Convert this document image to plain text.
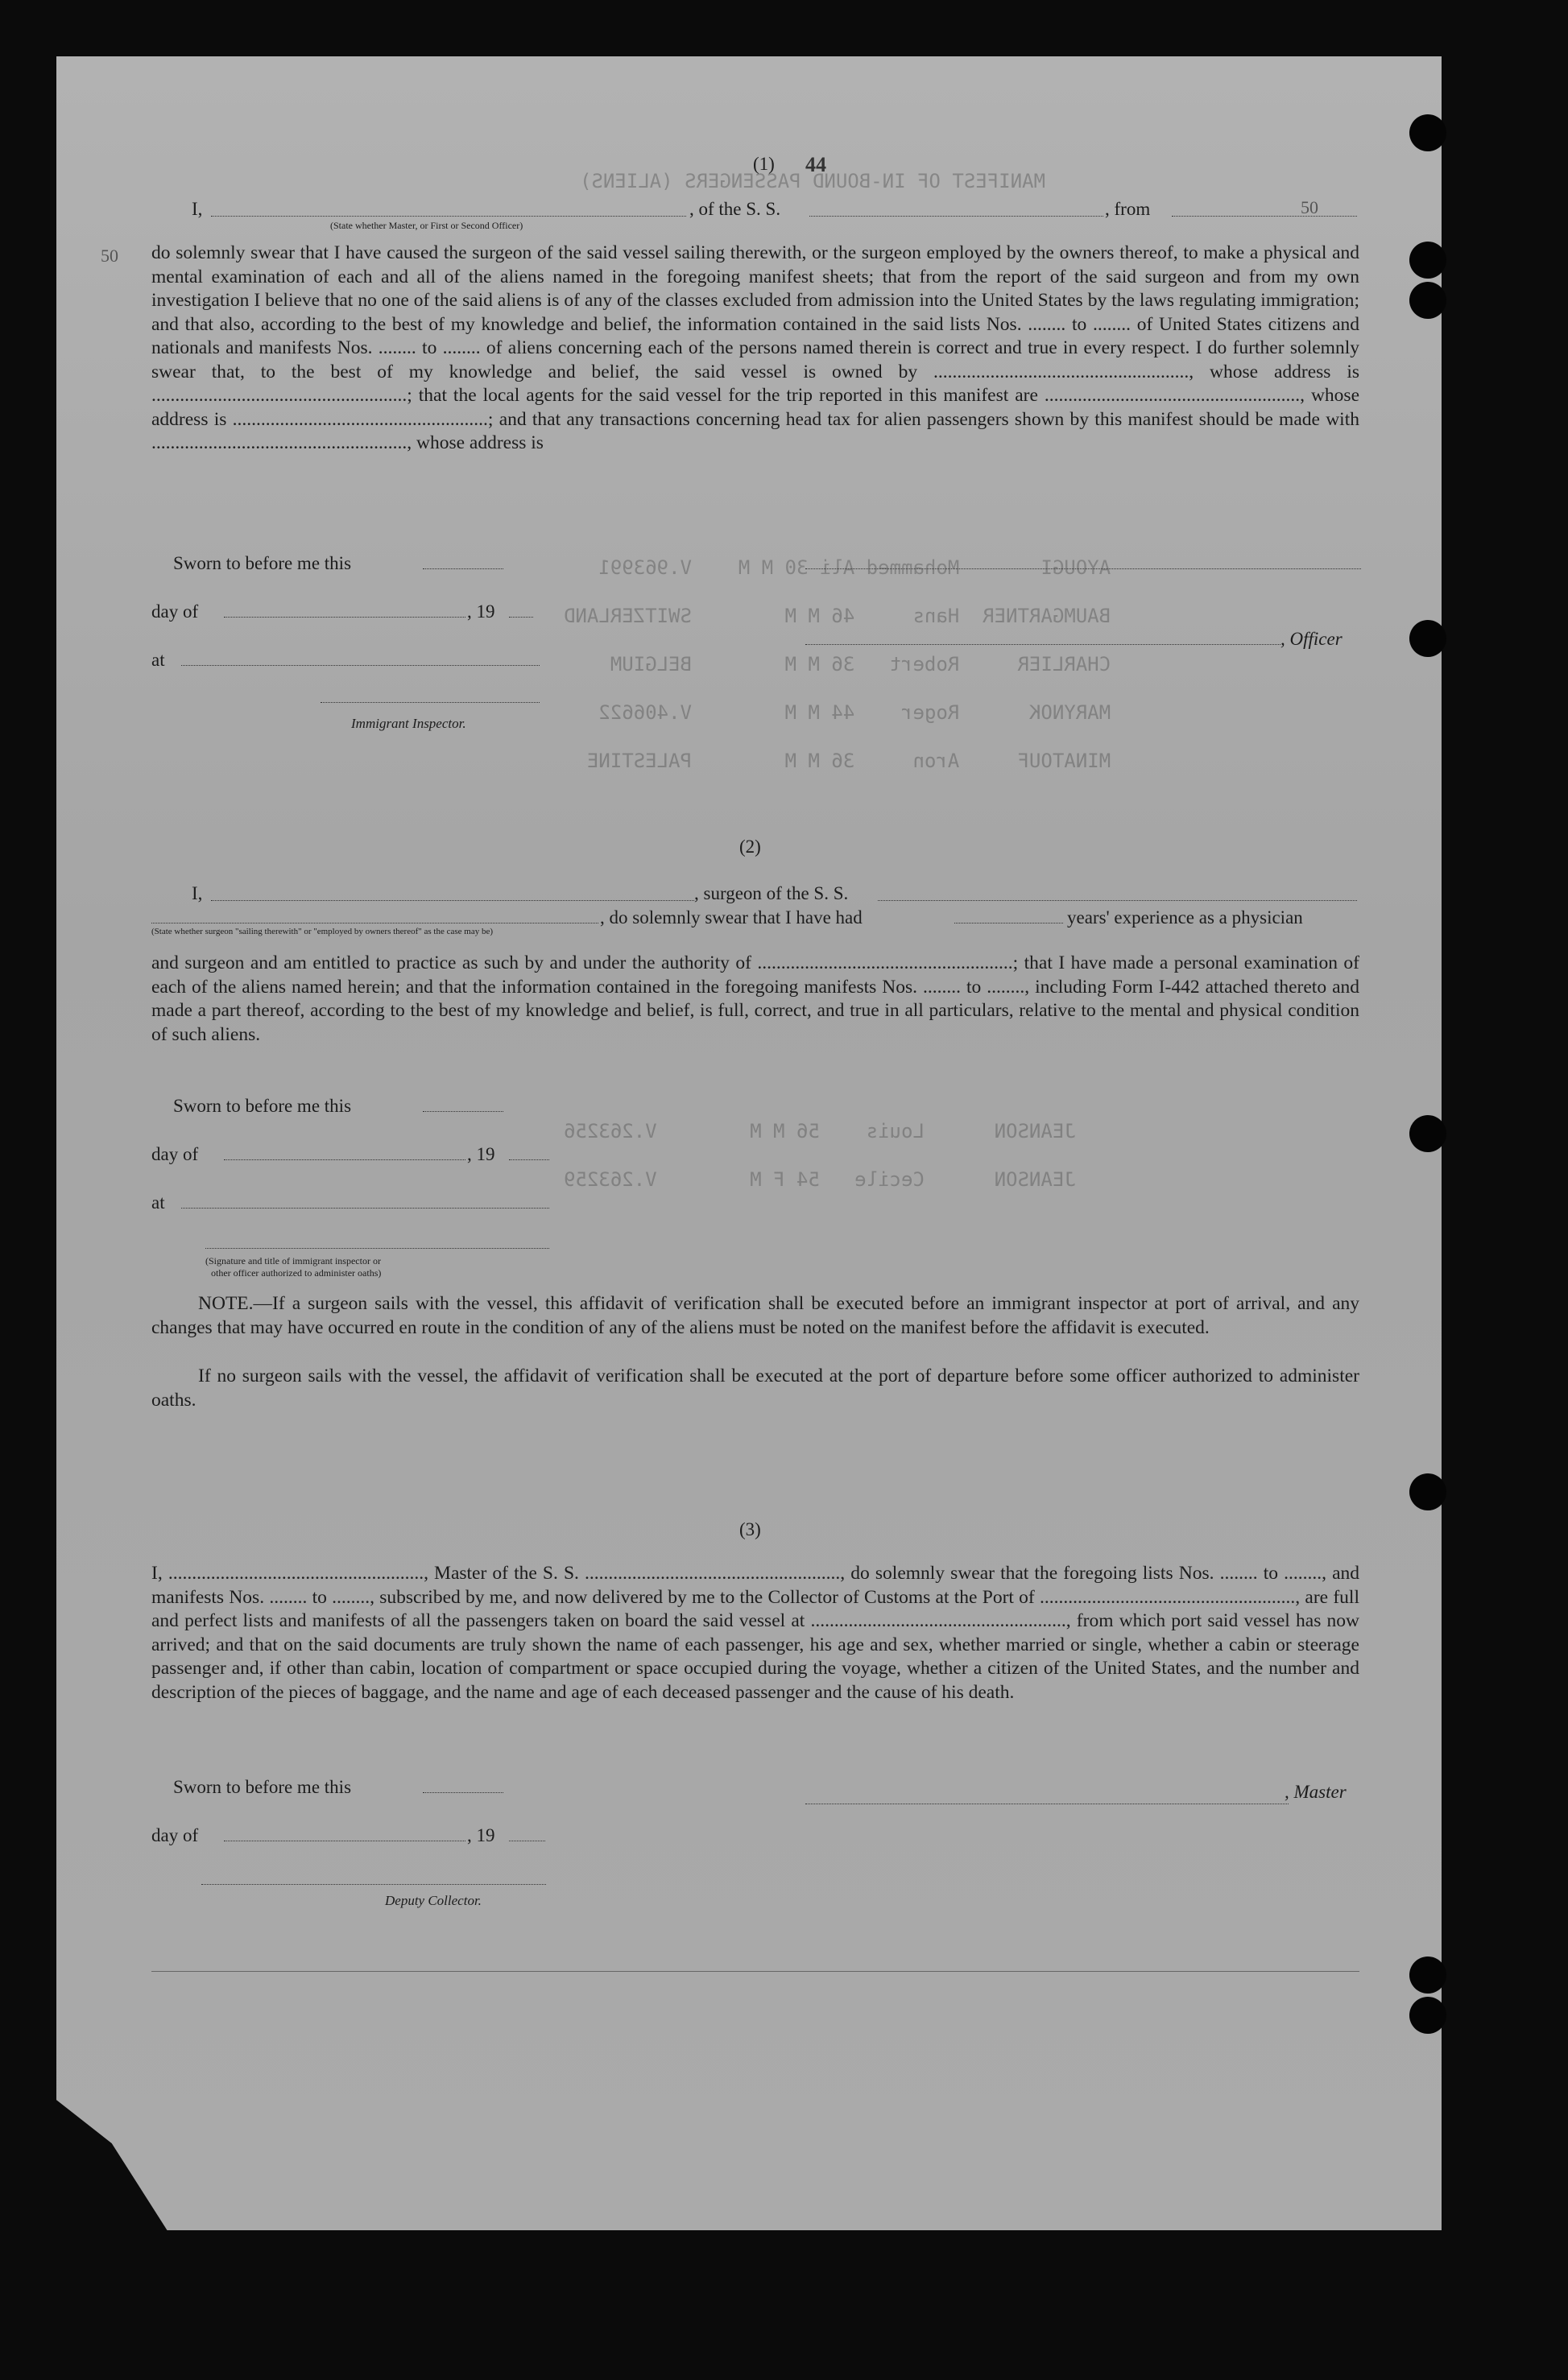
MANIFEST OF IN-BOUND PASSENGERS (ALIENS)

AYOUGI       Mohammed Ali 30 M M    V.963991

BAUMGARTNER  Hans     46 M M        SWITZERLAND

CHARLIER     Robert   36 M M        BELGIUM

MARYNOK      Roger    44 M M        V.406622

MINATOUF     Aron     36 M M        PALESTINE

JEANSON      Louis    56 M M        V.263256

JEANSON      Cecile   54 F M        V.263259

50
50
44
(1)
I,	, of the S. S.	, from
(State whether Master, or First or Second Officer)

do solemnly swear that I have caused the surgeon of the said vessel sailing therewith, or the surgeon employed by the owners thereof, to make a physical and mental examination of each and all of the aliens named in the foregoing manifest sheets; that from the report of the said surgeon and from my own investigation I believe that no one of the said aliens is of any of the classes excluded from admission into the United States by the laws regulating immigration; and that also, according to the best of my knowledge and belief, the information contained in the said lists Nos. ........ to ........ of United States citizens and nationals and manifests Nos. ........ to ........ of aliens concerning each of the persons named therein is correct and true in every respect. I do further solemnly swear that, to the best of my knowledge and belief, the said vessel is owned by ......................................................, whose address is ......................................................; that the local agents for the said vessel for the trip reported in this manifest are ......................................................, whose address is ......................................................; and that any transactions concerning head tax for alien passengers shown by this manifest should be made with ......................................................, whose address is

Sworn to before me this
day of	, 19
, Officer
at
Immigrant Inspector.
(2)
I,	, surgeon of the S. S.
(State whether surgeon "sailing therewith" or "employed by owners thereof" as the case may be)
, do solemnly swear that I have had	years' experience as a physician

and surgeon and am entitled to practice as such by and under the authority of ......................................................; that I have made a personal examination of each of the aliens named herein; and that the information contained in the foregoing manifests Nos. ........ to ........, including Form I-442 attached thereto and made a part thereof, according to the best of my knowledge and belief, is full, correct, and true in all particulars, relative to the mental and physical condition of such aliens.

Sworn to before me this
day of	, 19
at
(Signature and title of immigrant inspector or
other officer authorized to administer oaths)

NOTE.—If a surgeon sails with the vessel, this affidavit of verification shall be executed before an immigrant inspector at port of arrival, and any changes that may have occurred en route in the condition of any of the aliens must be noted on the manifest before the affidavit is executed.

If no surgeon sails with the vessel, the affidavit of verification shall be executed at the port of departure before some officer authorized to administer oaths.

(3)

I, ......................................................, Master of the S. S. ......................................................, do solemnly swear that the foregoing lists Nos. ........ to ........, and manifests Nos. ........ to ........, subscribed by me, and now delivered by me to the Collector of Customs at the Port of ......................................................, are full and perfect lists and manifests of all the passengers taken on board the said vessel at ......................................................, from which port said vessel has now arrived; and that on the said documents are truly shown the name of each passenger, his age and sex, whether married or single, whether a cabin or steerage passenger and, if other than cabin, location of compartment or space occupied during the voyage, whether a citizen of the United States, and the number and description of the pieces of baggage, and the name and age of each deceased passenger and the cause of his death.

Sworn to before me this	, Master
day of	, 19
Deputy Collector.
